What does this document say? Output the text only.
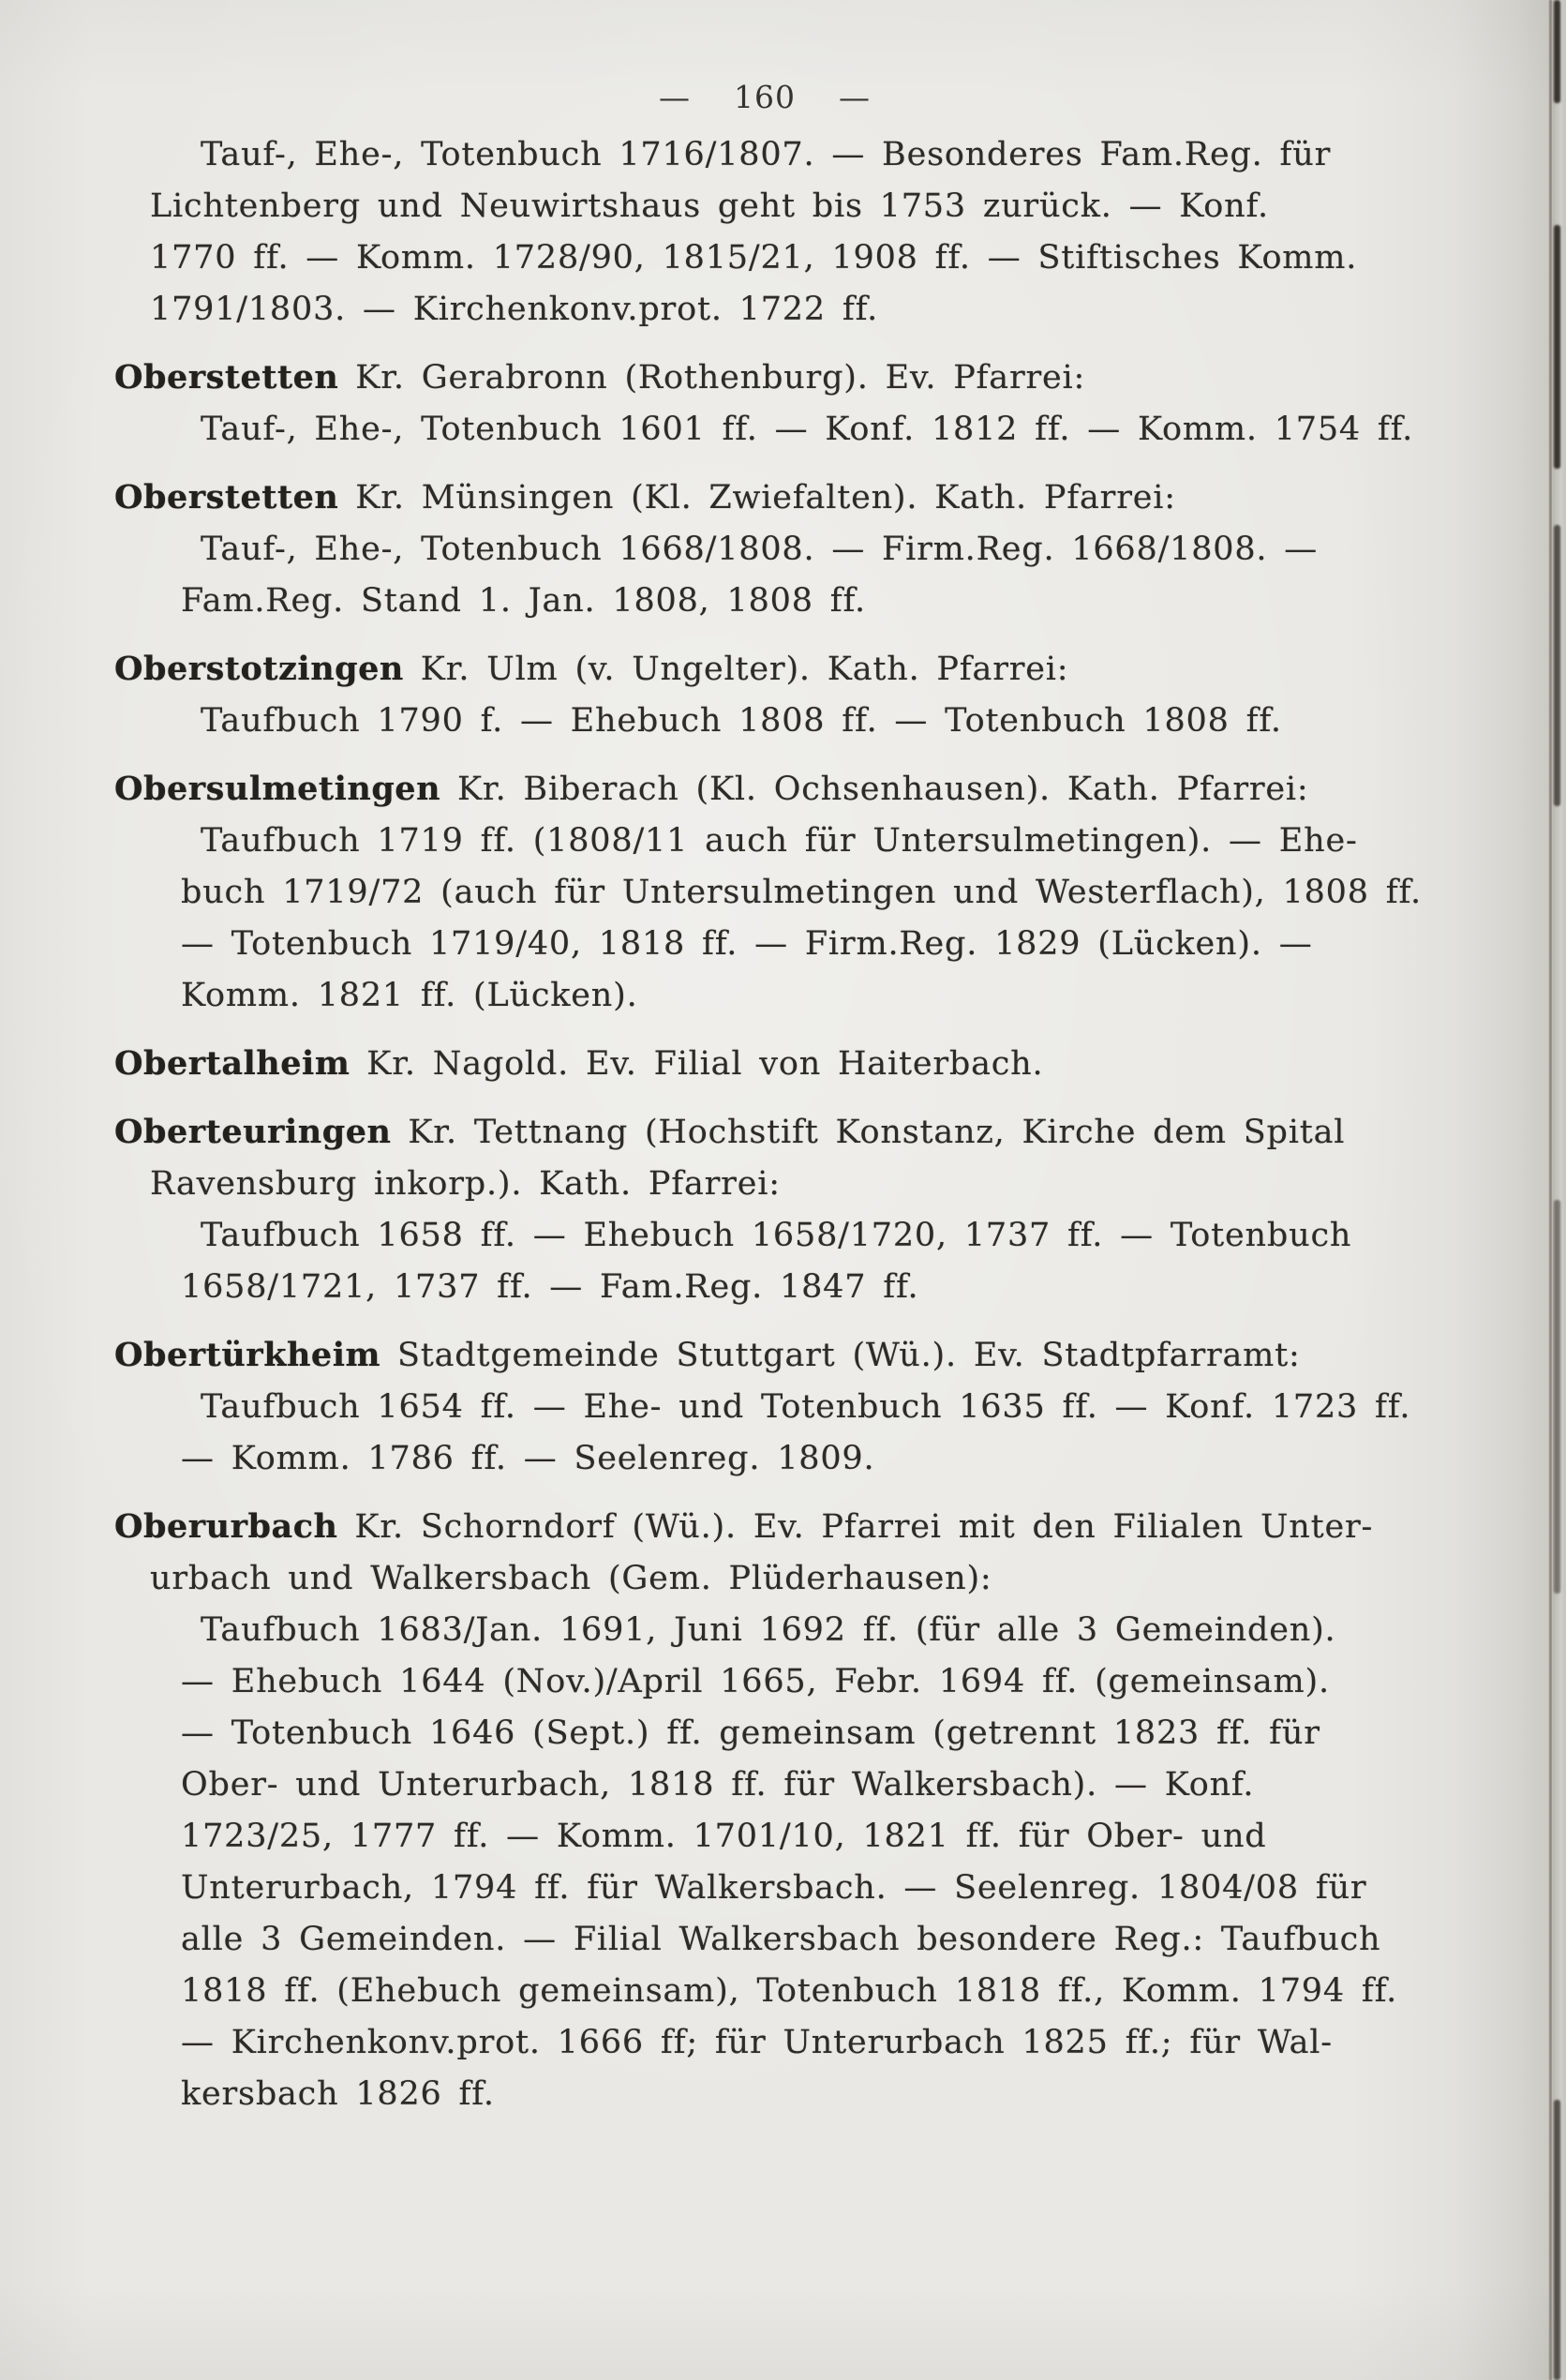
— 160 —
Tauf-, Ehe-, Totenbuch 1716/1807. — Besonderes Fam.Reg. für
Lichtenberg und Neuwirtshaus geht bis 1753 zurück. — Konf.
1770 ff. — Komm. 1728/90, 1815/21, 1908 ff. — Stiftisches Komm.
1791/1803. — Kirchenkonv.prot. 1722 ff.
Oberstetten Kr. Gerabronn (Rothenburg). Ev. Pfarrei:
Tauf-, Ehe-, Totenbuch 1601 ff. — Konf. 1812 ff. — Komm. 1754 ff.
Oberstetten Kr. Münsingen (Kl. Zwiefalten). Kath. Pfarrei:
Tauf-, Ehe-, Totenbuch 1668/1808. — Firm.Reg. 1668/1808. —
Fam.Reg. Stand 1. Jan. 1808, 1808 ff.
Oberstotzingen Kr. Ulm (v. Ungelter). Kath. Pfarrei:
Taufbuch 1790 f. — Ehebuch 1808 ff. — Totenbuch 1808 ff.
Obersulmetingen Kr. Biberach (Kl. Ochsenhausen). Kath. Pfarrei:
Taufbuch 1719 ff. (1808/11 auch für Untersulmetingen). — Ehe-
buch 1719/72 (auch für Untersulmetingen und Westerflach), 1808 ff.
— Totenbuch 1719/40, 1818 ff. — Firm.Reg. 1829 (Lücken). —
Komm. 1821 ff. (Lücken).
Obertalheim Kr. Nagold. Ev. Filial von Haiterbach.
Oberteuringen Kr. Tettnang (Hochstift Konstanz, Kirche dem Spital
Ravensburg inkorp.). Kath. Pfarrei:
Taufbuch 1658 ff. — Ehebuch 1658/1720, 1737 ff. — Totenbuch
1658/1721, 1737 ff. — Fam.Reg. 1847 ff.
Obertürkheim Stadtgemeinde Stuttgart (Wü.). Ev. Stadtpfarramt:
Taufbuch 1654 ff. — Ehe- und Totenbuch 1635 ff. — Konf. 1723 ff.
— Komm. 1786 ff. — Seelenreg. 1809.
Oberurbach Kr. Schorndorf (Wü.). Ev. Pfarrei mit den Filialen Unter-
urbach und Walkersbach (Gem. Plüderhausen):
Taufbuch 1683/Jan. 1691, Juni 1692 ff. (für alle 3 Gemeinden).
— Ehebuch 1644 (Nov.)/April 1665, Febr. 1694 ff. (gemeinsam).
— Totenbuch 1646 (Sept.) ff. gemeinsam (getrennt 1823 ff. für
Ober- und Unterurbach, 1818 ff. für Walkersbach). — Konf.
1723/25, 1777 ff. — Komm. 1701/10, 1821 ff. für Ober- und
Unterurbach, 1794 ff. für Walkersbach. — Seelenreg. 1804/08 für
alle 3 Gemeinden. — Filial Walkersbach besondere Reg.: Taufbuch
1818 ff. (Ehebuch gemeinsam), Totenbuch 1818 ff., Komm. 1794 ff.
— Kirchenkonv.prot. 1666 ff; für Unterurbach 1825 ff.; für Wal-
kersbach 1826 ff.
